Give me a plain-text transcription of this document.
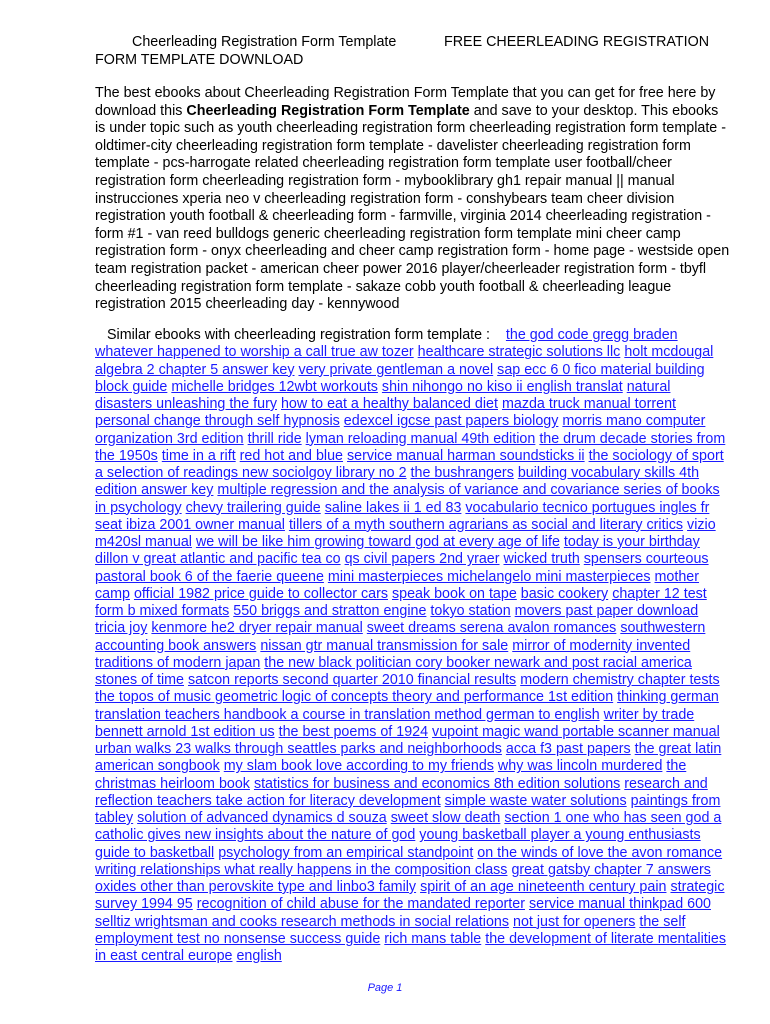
Cheerleading Registration Form Template	FREE CHEERLEADING REGISTRATION

FORM TEMPLATE DOWNLOAD
The best ebooks about Cheerleading Registration Form Template that you can get for free here by download this Cheerleading Registration Form Template and save to your desktop. This ebooks is under topic such as youth cheerleading registration form cheerleading registration form template - oldtimer-city cheerleading registration form template - davelister cheerleading registration form template - pcs-harrogate related cheerleading registration form template user football/cheer registration form cheerleading registration form - mybooklibrary gh1 repair manual || manual instrucciones xperia neo v cheerleading registration form - conshybears team cheer division registration youth football & cheerleading form - farmville, virginia 2014 cheerleading registration - form #1 - van reed bulldogs generic cheerleading registration form template mini cheer camp registration form - onyx cheerleading and cheer camp registration form - home page - westside open team registration packet - american cheer power 2016 player/cheerleader registration form - tbyfl cheerleading registration form template - sakaze cobb youth football & cheerleading league registration 2015 cheerleading day - kennywood
Similar ebooks with cheerleading registration form template : the god code gregg braden whatever happened to worship a call true aw tozer healthcare strategic solutions llc holt mcdougal algebra 2 chapter 5 answer key very private gentleman a novel sap ecc 6 0 fico material building block guide michelle bridges 12wbt workouts shin nihongo no kiso ii english translat natural disasters unleashing the fury how to eat a healthy balanced diet mazda truck manual torrent personal change through self hypnosis edexcel igcse past papers biology morris mano computer organization 3rd edition thrill ride lyman reloading manual 49th edition the drum decade stories from the 1950s time in a rift red hot and blue service manual harman soundsticks ii the sociology of sport a selection of readings new sociolgoy library no 2 the bushrangers building vocabulary skills 4th edition answer key multiple regression and the analysis of variance and covariance series of books in psychology chevy trailering guide saline lakes ii 1 ed 83 vocabulario tecnico portugues ingles fr seat ibiza 2001 owner manual tillers of a myth southern agrarians as social and literary critics vizio m420sl manual we will be like him growing toward god at every age of life today is your birthday dillon v great atlantic and pacific tea co qs civil papers 2nd yraer wicked truth spensers courteous pastoral book 6 of the faerie queene mini masterpieces michelangelo mini masterpieces mother camp official 1982 price guide to collector cars speak book on tape basic cookery chapter 12 test form b mixed formats 550 briggs and stratton engine tokyo station movers past paper download tricia joy kenmore he2 dryer repair manual sweet dreams serena avalon romances southwestern accounting book answers nissan gtr manual transmission for sale mirror of modernity invented traditions of modern japan the new black politician cory booker newark and post racial america stones of time satcon reports second quarter 2010 financial results modern chemistry chapter tests the topos of music geometric logic of concepts theory and performance 1st edition thinking german translation teachers handbook a course in translation method german to english writer by trade bennett arnold 1st edition us the best poems of 1924 vupoint magic wand portable scanner manual urban walks 23 walks through seattles parks and neighborhoods acca f3 past papers the great latin american songbook my slam book love according to my friends why was lincoln murdered the christmas heirloom book statistics for business and economics 8th edition solutions research and reflection teachers take action for literacy development simple waste water solutions paintings from tabley solution of advanced dynamics d souza sweet slow death section 1 one who has seen god a catholic gives new insights about the nature of god young basketball player a young enthusiasts guide to basketball psychology from an empirical standpoint on the winds of love the avon romance writing relationships what really happens in the composition class great gatsby chapter 7 answers oxides other than perovskite type and linbo3 family spirit of an age nineteenth century pain strategic survey 1994 95 recognition of child abuse for the mandated reporter service manual thinkpad 600 selltiz wrightsman and cooks research methods in social relations not just for openers the self employment test no nonsense success guide rich mans table the development of literate mentalities in east central europe english
Page 1
